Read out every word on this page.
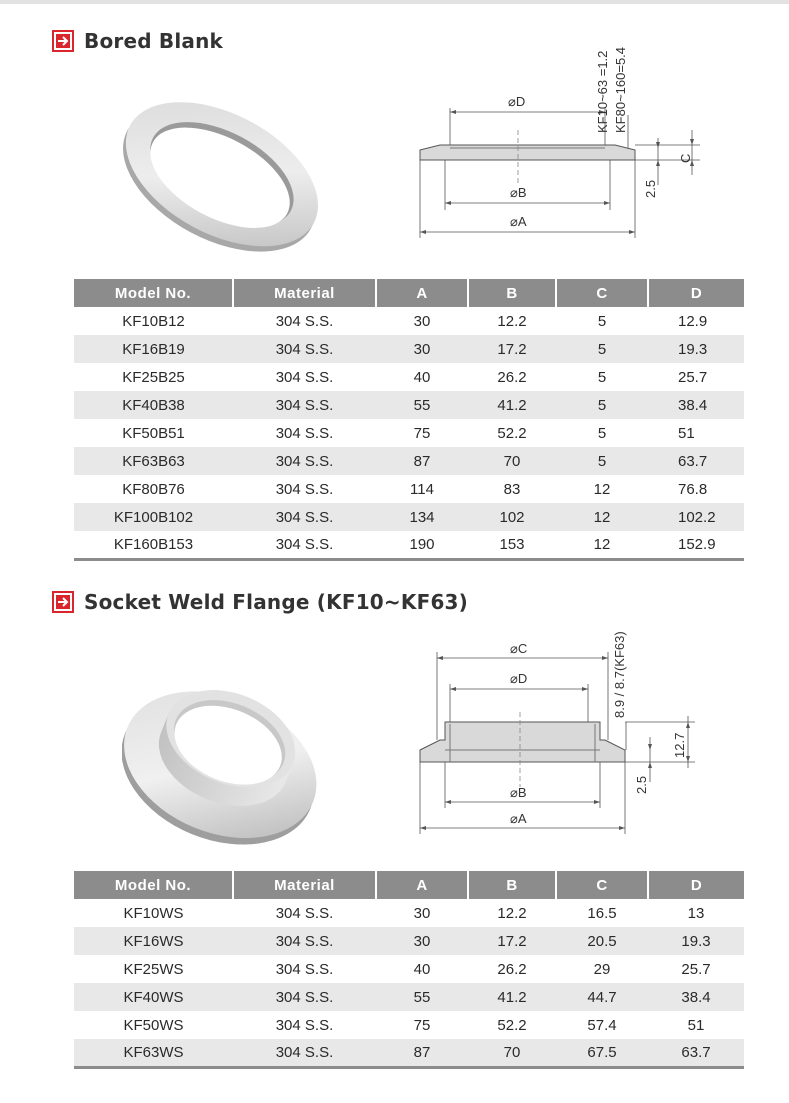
Bored Blank
⌀D
⌀B
⌀A
C
2.5
KF10~63 =1.2 KF80~160=5.4
Model No.	Material	A	B	C	D
KF10B12	304 S.S.	30	12.2	5	12.9
KF16B19	304 S.S.	30	17.2	5	19.3
KF25B25	304 S.S.	40	26.2	5	25.7
KF40B38	304 S.S.	55	41.2	5	38.4
KF50B51	304 S.S.	75	52.2	5	51
KF63B63	304 S.S.	87	70	5	63.7
KF80B76	304 S.S.	114	83	12	76.8
KF100B102	304 S.S.	134	102	12	102.2
KF160B153	304 S.S.	190	153	12	152.9
Socket Weld Flange (KF10~KF63)
⌀C
⌀D
⌀B
⌀A
12.7
2.5
8.9 / 8.7(KF63)
Model No.	Material	A	B	C	D
KF10WS	304 S.S.	30	12.2	16.5	13
KF16WS	304 S.S.	30	17.2	20.5	19.3
KF25WS	304 S.S.	40	26.2	29	25.7
KF40WS	304 S.S.	55	41.2	44.7	38.4
KF50WS	304 S.S.	75	52.2	57.4	51
KF63WS	304 S.S.	87	70	67.5	63.7
